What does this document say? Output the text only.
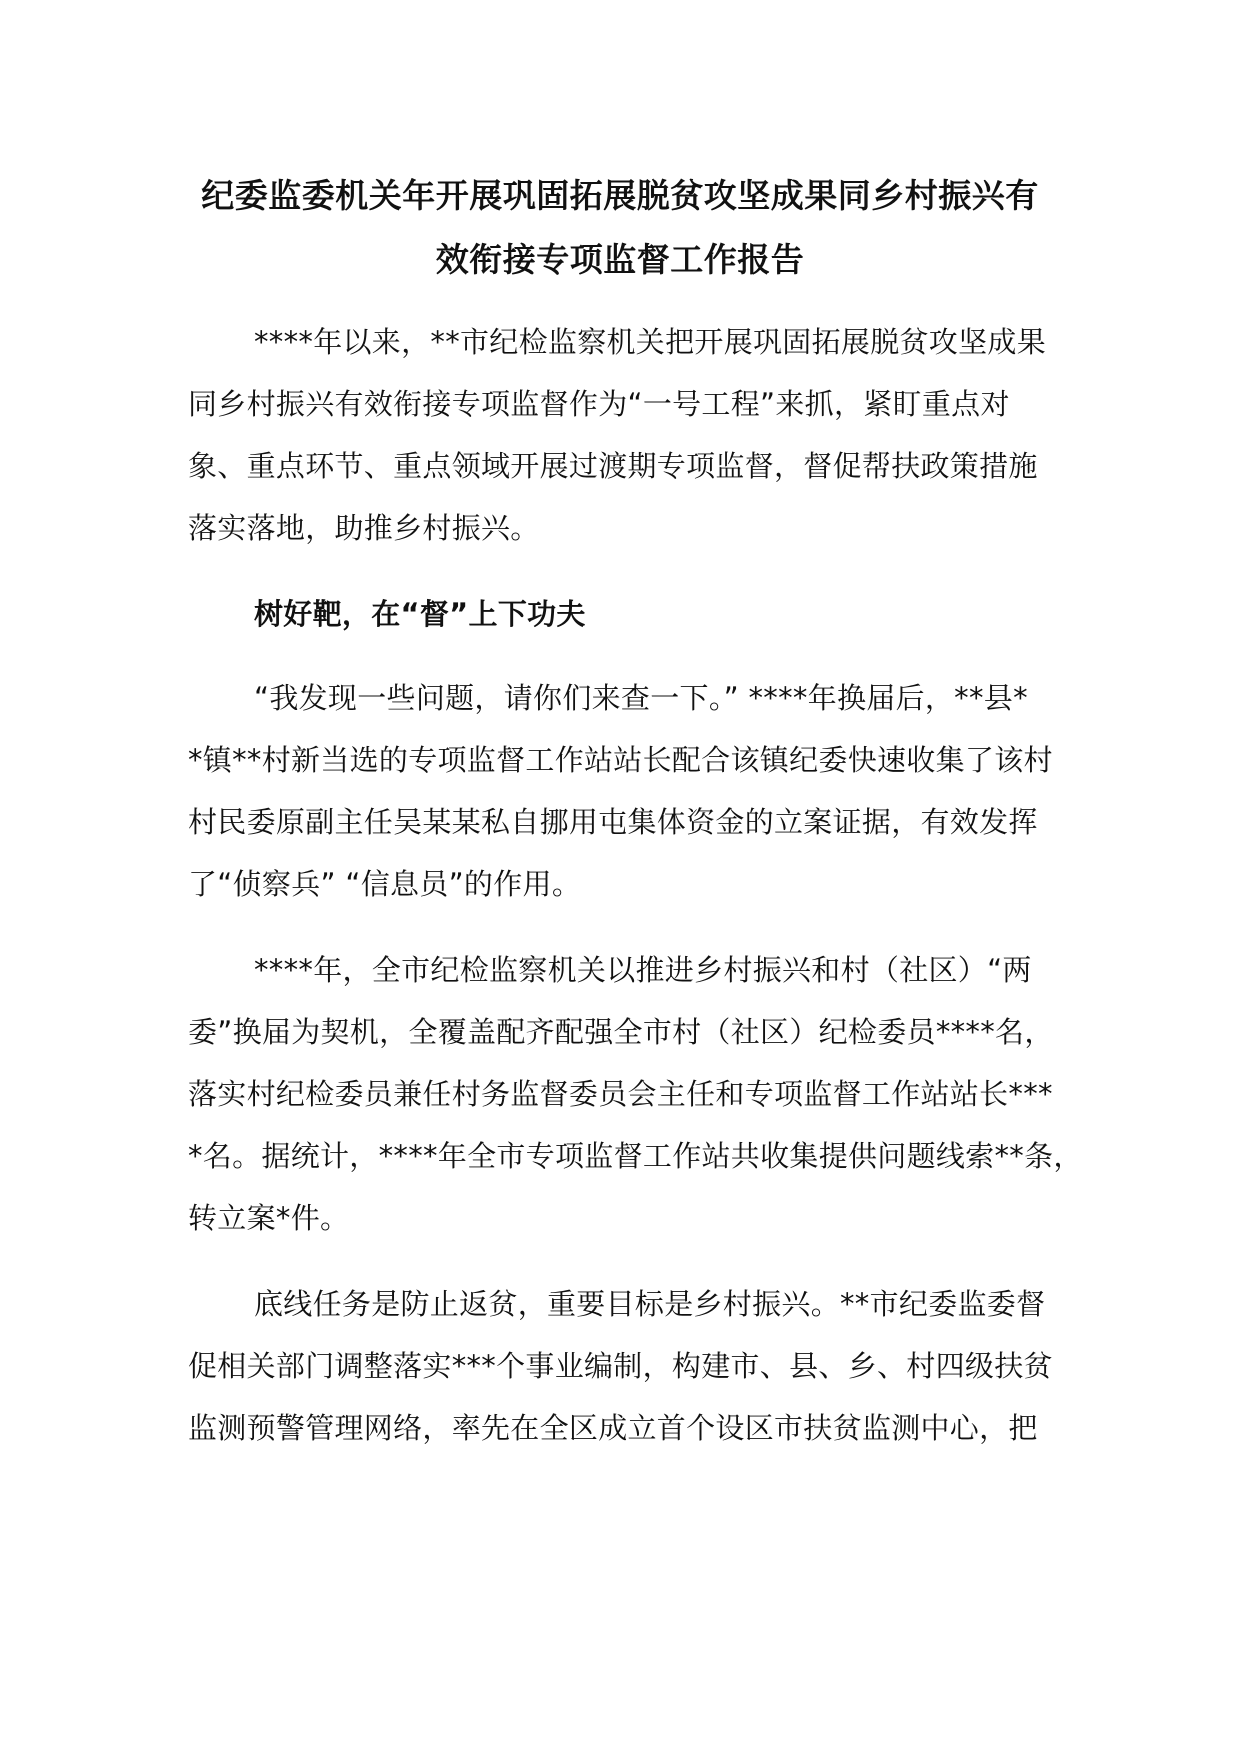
纪委监委机关年开展巩固拓展脱贫攻坚成果同乡村振兴有
效衔接专项监督工作报告

****年以来，**市纪检监察机关把开展巩固拓展脱贫攻坚成果

同乡村振兴有效衔接专项监督作为“一号工程”来抓，紧盯重点对

象、重点环节、重点领域开展过渡期专项监督，督促帮扶政策措施

落实落地，助推乡村振兴。

树好靶，在“督”上下功夫

“我发现一些问题，请你们来查一下。” ****年换届后，**县*

*镇**村新当选的专项监督工作站站长配合该镇纪委快速收集了该村

村民委原副主任吴某某私自挪用屯集体资金的立案证据，有效发挥

了“侦察兵” “信息员”的作用。

****年，全市纪检监察机关以推进乡村振兴和村（社区）“两

委”换届为契机，全覆盖配齐配强全市村（社区）纪检委员****名，

落实村纪检委员兼任村务监督委员会主任和专项监督工作站站长***

*名。据统计，****年全市专项监督工作站共收集提供问题线索**条，

转立案*件。

底线任务是防止返贫，重要目标是乡村振兴。**市纪委监委督

促相关部门调整落实***个事业编制，构建市、县、乡、村四级扶贫

监测预警管理网络，率先在全区成立首个设区市扶贫监测中心，把
